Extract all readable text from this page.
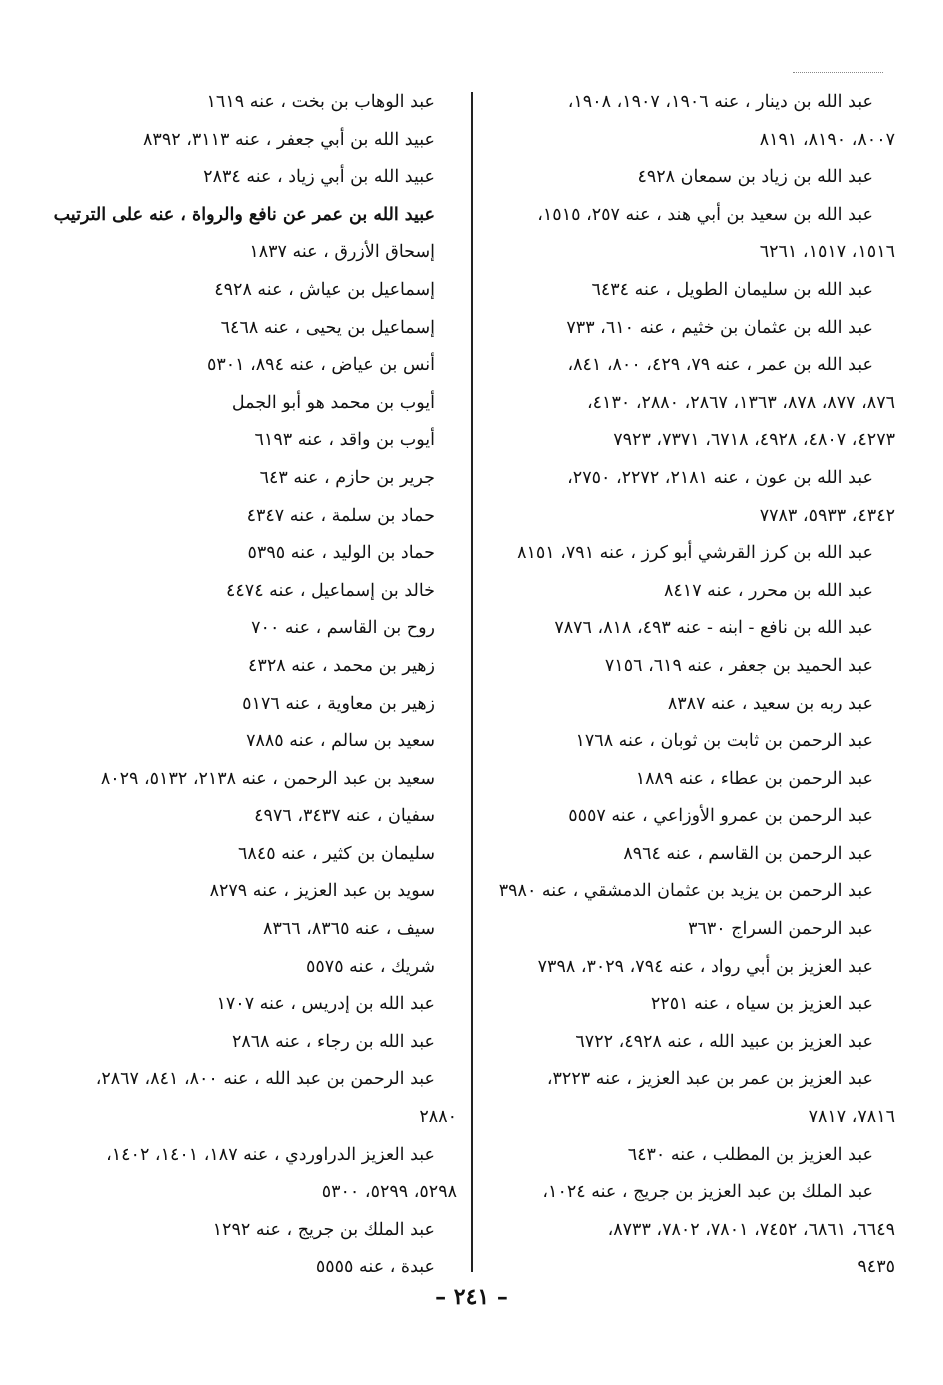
عبد الله بن دينار ، عنه ١٩٠٦، ١٩٠٧، ١٩٠٨،
٨٠٠٧، ٨١٩٠، ٨١٩١
عبد الله بن زياد بن سمعان ٤٩٢٨
عبد الله بن سعيد بن أبي هند ، عنه ٢٥٧، ١٥١٥،
١٥١٦، ١٥١٧، ٦٢٦١
عبد الله بن سليمان الطويل ، عنه ٦٤٣٤
عبد الله بن عثمان بن خثيم ، عنه ٦١٠، ٧٣٣
عبد الله بن عمر ، عنه ٧٩، ٤٢٩، ٨٠٠، ٨٤١،
٨٧٦، ٨٧٧، ٨٧٨، ١٣٦٣، ٢٨٦٧، ٢٨٨٠، ٤١٣٠،
٤٢٧٣، ٤٨٠٧، ٤٩٢٨، ٦٧١٨، ٧٣٧١، ٧٩٢٣
عبد الله بن عون ، عنه ٢١٨١، ٢٢٧٢، ٢٧٥٠،
٤٣٤٢، ٥٩٣٣، ٧٧٨٣
عبد الله بن كرز القرشي أبو كرز ، عنه ٧٩١، ٨١٥١
عبد الله بن محرر ، عنه ٨٤١٧
عبد الله بن نافع - ابنه - عنه ٤٩٣، ٨١٨، ٧٨٧٦
عبد الحميد بن جعفر ، عنه ٦١٩، ٧١٥٦
عبد ربه بن سعيد ، عنه ٨٣٨٧
عبد الرحمن بن ثابت بن ثوبان ، عنه ١٧٦٨
عبد الرحمن بن عطاء ، عنه ١٨٨٩
عبد الرحمن بن عمرو الأوزاعي ، عنه ٥٥٥٧
عبد الرحمن بن القاسم ، عنه ٨٩٦٤
عبد الرحمن بن يزيد بن عثمان الدمشقي ، عنه ٣٩٨٠
عبد الرحمن السراج ٣٦٣٠
عبد العزيز بن أبي رواد ، عنه ٧٩٤، ٣٠٢٩، ٧٣٩٨
عبد العزيز بن سياه ، عنه ٢٢٥١
عبد العزيز بن عبيد الله ، عنه ٤٩٢٨، ٦٧٢٢
عبد العزيز بن عمر بن عبد العزيز ، عنه ٣٢٢٣،
٧٨١٦، ٧٨١٧
عبد العزيز بن المطلب ، عنه ٦٤٣٠
عبد الملك بن عبد العزيز بن جريج ، عنه ١٠٢٤،
٦٦٤٩، ٦٨٦١، ٧٤٥٢، ٧٨٠١، ٧٨٠٢، ٨٧٣٣،
٩٤٣٥
عبد الوهاب بن بخت ، عنه ١٦١٩
عبيد الله بن أبي جعفر ، عنه ٣١١٣، ٨٣٩٢
عبيد الله بن أبي زياد ، عنه ٢٨٣٤
عبيد الله بن عمر عن نافع والرواة ، عنه على الترتيب
إسحاق الأزرق ، عنه ١٨٣٧
إسماعيل بن عياش ، عنه ٤٩٢٨
إسماعيل بن يحيى ، عنه ٦٤٦٨
أنس بن عياض ، عنه ٨٩٤، ٥٣٠١
أيوب بن محمد هو أبو الجمل
أيوب بن واقد ، عنه ٦١٩٣
جرير بن حازم ، عنه ٦٤٣
حماد بن سلمة ، عنه ٤٣٤٧
حماد بن الوليد ، عنه ٥٣٩٥
خالد بن إسماعيل ، عنه ٤٤٧٤
روح بن القاسم ، عنه ٧٠٠
زهير بن محمد ، عنه ٤٣٢٨
زهير بن معاوية ، عنه ٥١٧٦
سعيد بن سالم ، عنه ٧٨٨٥
سعيد بن عبد الرحمن ، عنه ٢١٣٨، ٥١٣٢، ٨٠٢٩
سفيان ، عنه ٣٤٣٧، ٤٩٧٦
سليمان بن كثير ، عنه ٦٨٤٥
سويد بن عبد العزيز ، عنه ٨٢٧٩
سيف ، عنه ٨٣٦٥، ٨٣٦٦
شريك ، عنه ٥٥٧٥
عبد الله بن إدريس ، عنه ١٧٠٧
عبد الله بن رجاء ، عنه ٢٨٦٨
عبد الرحمن بن عبد الله ، عنه ٨٠٠، ٨٤١، ٢٨٦٧،
٢٨٨٠
عبد العزيز الدراوردي ، عنه ١٨٧، ١٤٠١، ١٤٠٢،
٥٢٩٨، ٥٢٩٩، ٥٣٠٠
عبد الملك بن جريج ، عنه ١٢٩٢
عبدة ، عنه ٥٥٥٥
– ٢٤١ –
